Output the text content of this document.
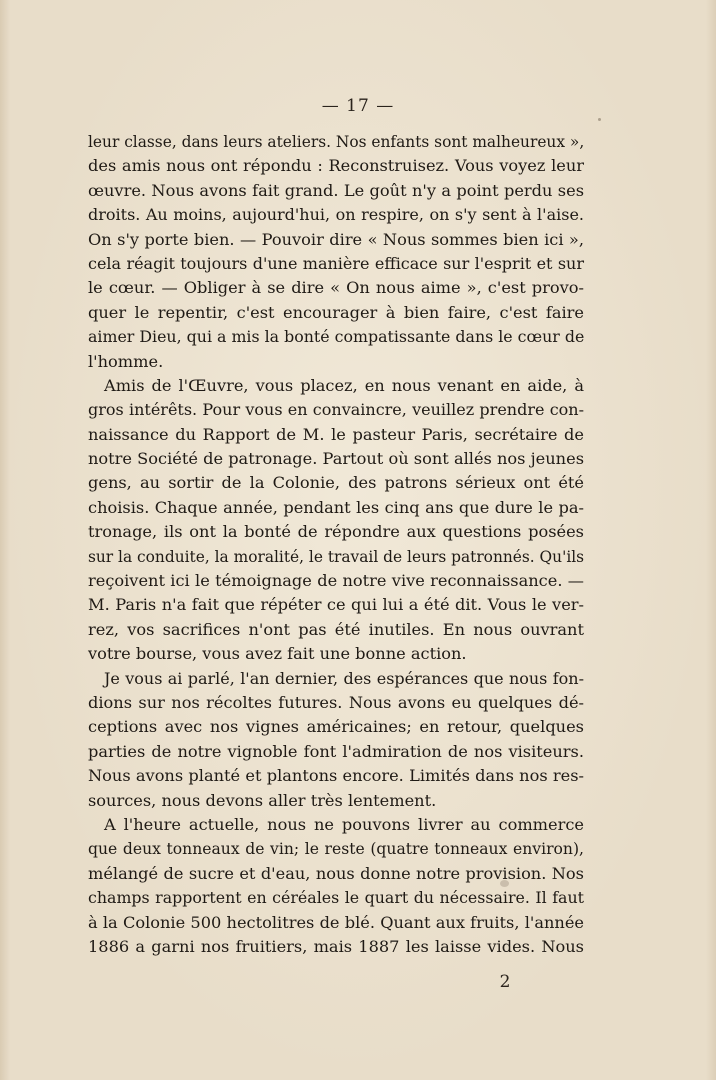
— 17 —
leur classe, dans leurs ateliers. Nos enfants sont malheureux »,
des amis nous ont répondu : Reconstruisez. Vous voyez leur
œuvre. Nous avons fait grand. Le goût n'y a point perdu ses
droits. Au moins, aujourd'hui, on respire, on s'y sent à l'aise.
On s'y porte bien. — Pouvoir dire « Nous sommes bien ici »,
cela réagit toujours d'une manière efficace sur l'esprit et sur
le cœur. — Obliger à se dire « On nous aime », c'est provo-
quer le repentir, c'est encourager à bien faire, c'est faire
aimer Dieu, qui a mis la bonté compatissante dans le cœur de
l'homme.
Amis de l'Œuvre, vous placez, en nous venant en aide, à
gros intérêts. Pour vous en convaincre, veuillez prendre con-
naissance du Rapport de M. le pasteur Paris, secrétaire de
notre Société de patronage. Partout où sont allés nos jeunes
gens, au sortir de la Colonie, des patrons sérieux ont été
choisis. Chaque année, pendant les cinq ans que dure le pa-
tronage, ils ont la bonté de répondre aux questions posées
sur la conduite, la moralité, le travail de leurs patronnés. Qu'ils
reçoivent ici le témoignage de notre vive reconnaissance. —
M. Paris n'a fait que répéter ce qui lui a été dit. Vous le ver-
rez, vos sacrifices n'ont pas été inutiles. En nous ouvrant
votre bourse, vous avez fait une bonne action.
Je vous ai parlé, l'an dernier, des espérances que nous fon-
dions sur nos récoltes futures. Nous avons eu quelques dé-
ceptions avec nos vignes américaines; en retour, quelques
parties de notre vignoble font l'admiration de nos visiteurs.
Nous avons planté et plantons encore. Limités dans nos res-
sources, nous devons aller très lentement.
A l'heure actuelle, nous ne pouvons livrer au commerce
que deux tonneaux de vin; le reste (quatre tonneaux environ),
mélangé de sucre et d'eau, nous donne notre provision. Nos
champs rapportent en céréales le quart du nécessaire. Il faut
à la Colonie 500 hectolitres de blé. Quant aux fruits, l'année
1886 a garni nos fruitiers, mais 1887 les laisse vides. Nous
2
